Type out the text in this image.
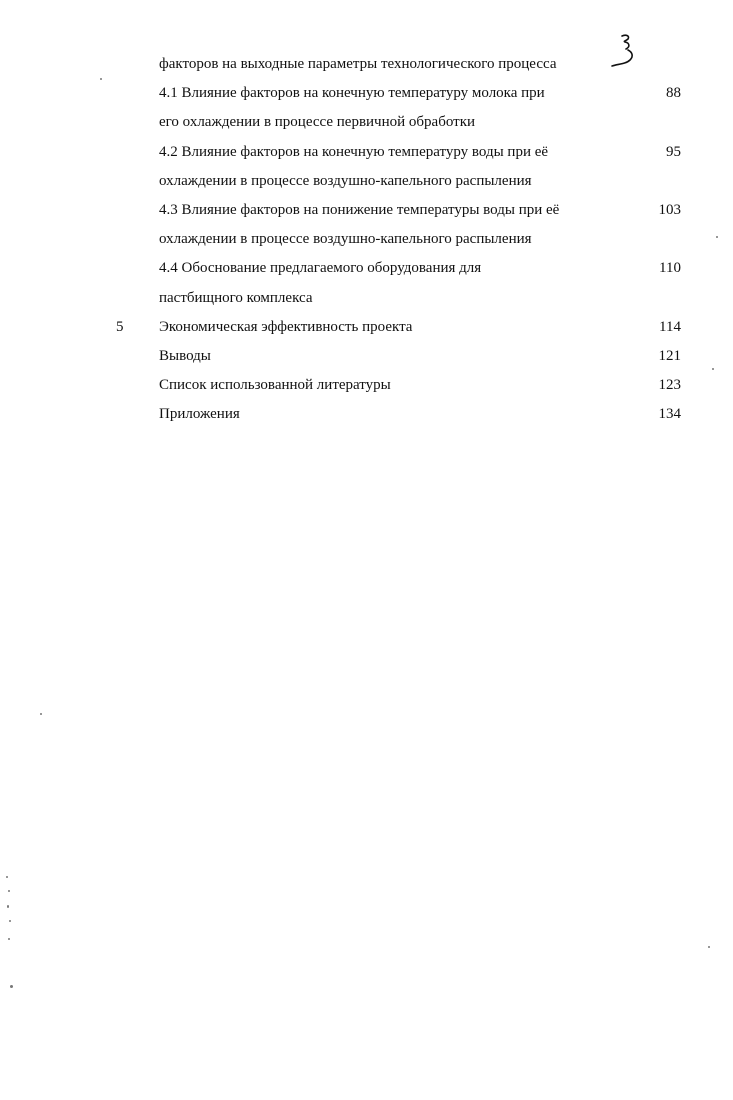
факторов на выходные параметры технологического процесса
4.1 Влияние факторов на конечную температуру молока при	88
его охлаждении в процессе первичной обработки
4.2 Влияние факторов на конечную температуру воды при её	95
охлаждении в процессе воздушно-капельного распыления
4.3 Влияние факторов на понижение температуры воды при её	103
охлаждении в процессе воздушно-капельного распыления
4.4 Обоснование предлагаемого оборудования для	110
пастбищного комплекса
5 Экономическая эффективность проекта	114
Выводы	121
Список использованной литературы	123
Приложения	134
